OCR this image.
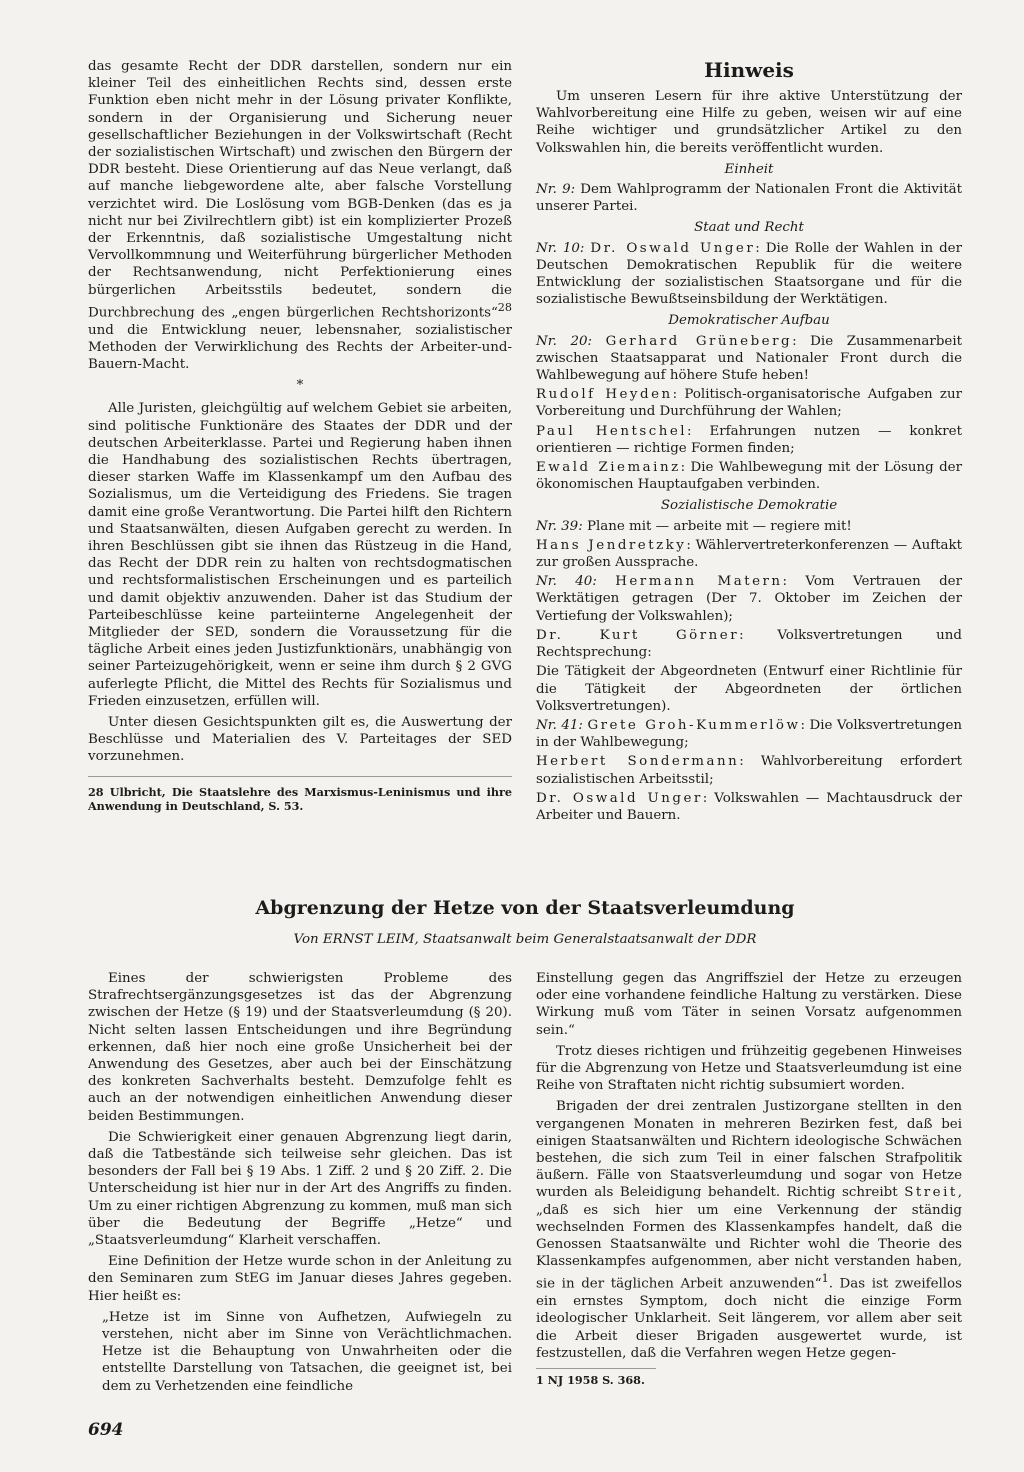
das gesamte Recht der DDR darstellen, sondern nur ein kleiner Teil des einheitlichen Rechts sind, dessen erste Funktion eben nicht mehr in der Lösung privater Konflikte, sondern in der Organisierung und Sicherung neuer gesellschaftlicher Beziehungen in der Volkswirtschaft (Recht der sozialistischen Wirtschaft) und zwischen den Bürgern der DDR besteht. Diese Orientierung auf das Neue verlangt, daß auf manche liebgewordene alte, aber falsche Vorstellung verzichtet wird. Die Loslösung vom BGB-Denken (das es ja nicht nur bei Zivilrechtlern gibt) ist ein komplizierter Prozeß der Erkenntnis, daß sozialistische Umgestaltung nicht Vervollkommnung und Weiterführung bürgerlicher Methoden der Rechtsanwendung, nicht Perfektionierung eines bürgerlichen Arbeitsstils bedeutet, sondern die Durchbrechung des „engen bürgerlichen Rechtshorizonts“$^{28}$ und die Entwicklung neuer, lebensnaher, sozialistischer Methoden der Verwirklichung des Rechts der Arbeiter-und-Bauern-Macht.

*

Alle Juristen, gleichgültig auf welchem Gebiet sie arbeiten, sind politische Funktionäre des Staates der DDR und der deutschen Arbeiterklasse. Partei und Regierung haben ihnen die Handhabung des sozialistischen Rechts übertragen, dieser starken Waffe im Klassenkampf um den Aufbau des Sozialismus, um die Verteidigung des Friedens. Sie tragen damit eine große Verantwortung. Die Partei hilft den Richtern und Staatsanwälten, diesen Aufgaben gerecht zu werden. In ihren Beschlüssen gibt sie ihnen das Rüstzeug in die Hand, das Recht der DDR rein zu halten von rechtsdogmatischen und rechtsformalistischen Erscheinungen und es parteilich und damit objektiv anzuwenden. Daher ist das Studium der Parteibeschlüsse keine parteiinterne Angelegenheit der Mitglieder der SED, sondern die Voraussetzung für die tägliche Arbeit eines jeden Justizfunktionärs, unabhängig von seiner Parteizugehörigkeit, wenn er seine ihm durch § 2 GVG auferlegte Pflicht, die Mittel des Rechts für Sozialismus und Frieden einzusetzen, erfüllen will.

Unter diesen Gesichtspunkten gilt es, die Auswertung der Beschlüsse und Materialien des V. Parteitages der SED vorzunehmen.

28 Ulbricht, Die Staatslehre des Marxismus-Leninismus und ihre Anwendung in Deutschland, S. 53.
Hinweis

Um unseren Lesern für ihre aktive Unterstützung der Wahlvorbereitung eine Hilfe zu geben, weisen wir auf eine Reihe wichtiger und grundsätzlicher Artikel zu den Volkswahlen hin, die bereits veröffentlicht wurden.

Einheit

Nr. 9: Dem Wahlprogramm der Nationalen Front die Aktivität unserer Partei.

Staat und Recht

Nr. 10: Dr. Oswald Unger: Die Rolle der Wahlen in der Deutschen Demokratischen Republik für die weitere Entwicklung der sozialistischen Staatsorgane und für die sozialistische Bewußtseinsbildung der Werktätigen.

Demokratischer Aufbau

Nr. 20: Gerhard Grüneberg: Die Zusammenarbeit zwischen Staatsapparat und Nationaler Front durch die Wahlbewegung auf höhere Stufe heben!

Rudolf Heyden: Politisch-organisatorische Aufgaben zur Vorbereitung und Durchführung der Wahlen;

Paul Hentschel: Erfahrungen nutzen — konkret orientieren — richtige Formen finden;

Ewald Ziemainz: Die Wahlbewegung mit der Lösung der ökonomischen Hauptaufgaben verbinden.

Sozialistische Demokratie

Nr. 39: Plane mit — arbeite mit — regiere mit!

Hans Jendretzky: Wählervertreterkonferenzen — Auftakt zur großen Aussprache.

Nr. 40: Hermann Matern: Vom Vertrauen der Werktätigen getragen (Der 7. Oktober im Zeichen der Vertiefung der Volkswahlen);

Dr. Kurt Görner: Volksvertretungen und Rechtsprechung:

Die Tätigkeit der Abgeordneten (Entwurf einer Richtlinie für die Tätigkeit der Abgeordneten der örtlichen Volksvertretungen).

Nr. 41: Grete Groh-Kummerlöw: Die Volksvertretungen in der Wahlbewegung;

Herbert Sondermann: Wahlvorbereitung erfordert sozialistischen Arbeitsstil;

Dr. Oswald Unger: Volkswahlen — Machtausdruck der Arbeiter und Bauern.

Abgrenzung der Hetze von der Staatsverleumdung
Von ERNST LEIM, Staatsanwalt beim Generalstaatsanwalt der DDR

Eines der schwierigsten Probleme des Strafrechtsergänzungsgesetzes ist das der Abgrenzung zwischen der Hetze (§ 19) und der Staatsverleumdung (§ 20). Nicht selten lassen Entscheidungen und ihre Begründung erkennen, daß hier noch eine große Unsicherheit bei der Anwendung des Gesetzes, aber auch bei der Einschätzung des konkreten Sachverhalts besteht. Demzufolge fehlt es auch an der notwendigen einheitlichen Anwendung dieser beiden Bestimmungen.

Die Schwierigkeit einer genauen Abgrenzung liegt darin, daß die Tatbestände sich teilweise sehr gleichen. Das ist besonders der Fall bei § 19 Abs. 1 Ziff. 2 und § 20 Ziff. 2. Die Unterscheidung ist hier nur in der Art des Angriffs zu finden. Um zu einer richtigen Abgrenzung zu kommen, muß man sich über die Bedeutung der Begriffe „Hetze“ und „Staatsverleumdung“ Klarheit verschaffen.

Eine Definition der Hetze wurde schon in der Anleitung zu den Seminaren zum StEG im Januar dieses Jahres gegeben. Hier heißt es:

„Hetze ist im Sinne von Aufhetzen, Aufwiegeln zu verstehen, nicht aber im Sinne von Verächtlichmachen. Hetze ist die Behauptung von Unwahrheiten oder die entstellte Darstellung von Tatsachen, die geeignet ist, bei dem zu Verhetzenden eine feindliche

Einstellung gegen das Angriffsziel der Hetze zu erzeugen oder eine vorhandene feindliche Haltung zu verstärken. Diese Wirkung muß vom Täter in seinen Vorsatz aufgenommen sein.“

Trotz dieses richtigen und frühzeitig gegebenen Hinweises für die Abgrenzung von Hetze und Staatsverleumdung ist eine Reihe von Straftaten nicht richtig subsumiert worden.

Brigaden der drei zentralen Justizorgane stellten in den vergangenen Monaten in mehreren Bezirken fest, daß bei einigen Staatsanwälten und Richtern ideologische Schwächen bestehen, die sich zum Teil in einer falschen Strafpolitik äußern. Fälle von Staatsverleumdung und sogar von Hetze wurden als Beleidigung behandelt. Richtig schreibt Streit, „daß es sich hier um eine Verkennung der ständig wechselnden Formen des Klassenkampfes handelt, daß die Genossen Staatsanwälte und Richter wohl die Theorie des Klassenkampfes aufgenommen, aber nicht verstanden haben, sie in der täglichen Arbeit anzuwenden“$^1$. Das ist zweifellos ein ernstes Symptom, doch nicht die einzige Form ideologischer Unklarheit. Seit längerem, vor allem aber seit die Arbeit dieser Brigaden ausgewertet wurde, ist festzustellen, daß die Verfahren wegen Hetze gegen-

1 NJ 1958 S. 368.
694
